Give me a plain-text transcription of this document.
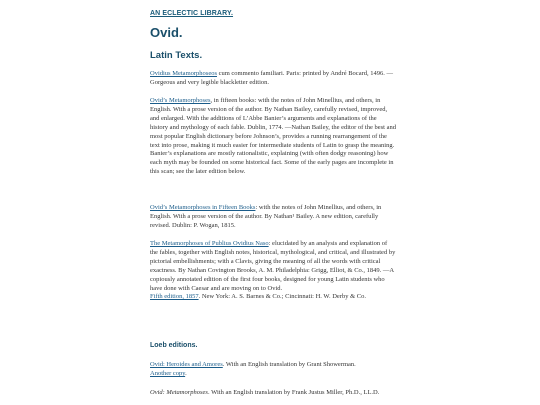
AN ECLECTIC LIBRARY.
Ovid.
Latin Texts.

Ovidius Metamorphoseos cum commento familiari. Paris: printed by André Bocard, 1496. —Gorgeous and very legible blackletter edition.

Ovid’s Metamorphoses, in fifteen books: with the notes of John Minellius, and others, in English. With a prose version of the author. By Nathan Bailey, carefully revised, improved, and enlarged. With the additions of L’Abbe Banier’s arguments and explanations of the history and mythology of each fable. Dublin, 1774. —Nathan Bailey, the editor of the best and most popular English dictionary before Johnson’s, provides a running rearrangement of the text into prose, making it much easier for intermediate students of Latin to grasp the meaning. Banier’s explanations are mostly rationalistic, explaining (with often dodgy reasoning) how each myth may be founded on some historical fact. Some of the early pages are incomplete in this scan; see the later edition below.

Ovid’s Metamorphoses in Fifteen Books: with the notes of John Minellius, and others, in English. With a prose version of the author. By Nathan¹ Bailey. A new edition, carefully revised. Dublin: P. Wogan, 1815.

The Metamorphoses of Publius Ovidius Naso: elucidated by an analysis and explanation of the fables, together with English notes, historical, mythological, and critical, and illustrated by pictorial embellishments; with a Clavis, giving the meaning of all the words with critical exactness. By Nathan Covington Brooks, A. M. Philadelphia: Grigg, Elliot, & Co., 1849. —A copiously annotated edition of the first four books, designed for young Latin students who have done with Caesar and are moving on to Ovid.
Fifth edition, 1857. New York: A. S. Barnes & Co.; Cincinnati: H. W. Derby & Co.

Loeb editions.

Ovid: Heroides and Amores. With an English translation by Grant Showerman.
Another copy.

Ovid: Metamorphoses. With an English translation by Frank Justus Miller, Ph.D., LL.D.
